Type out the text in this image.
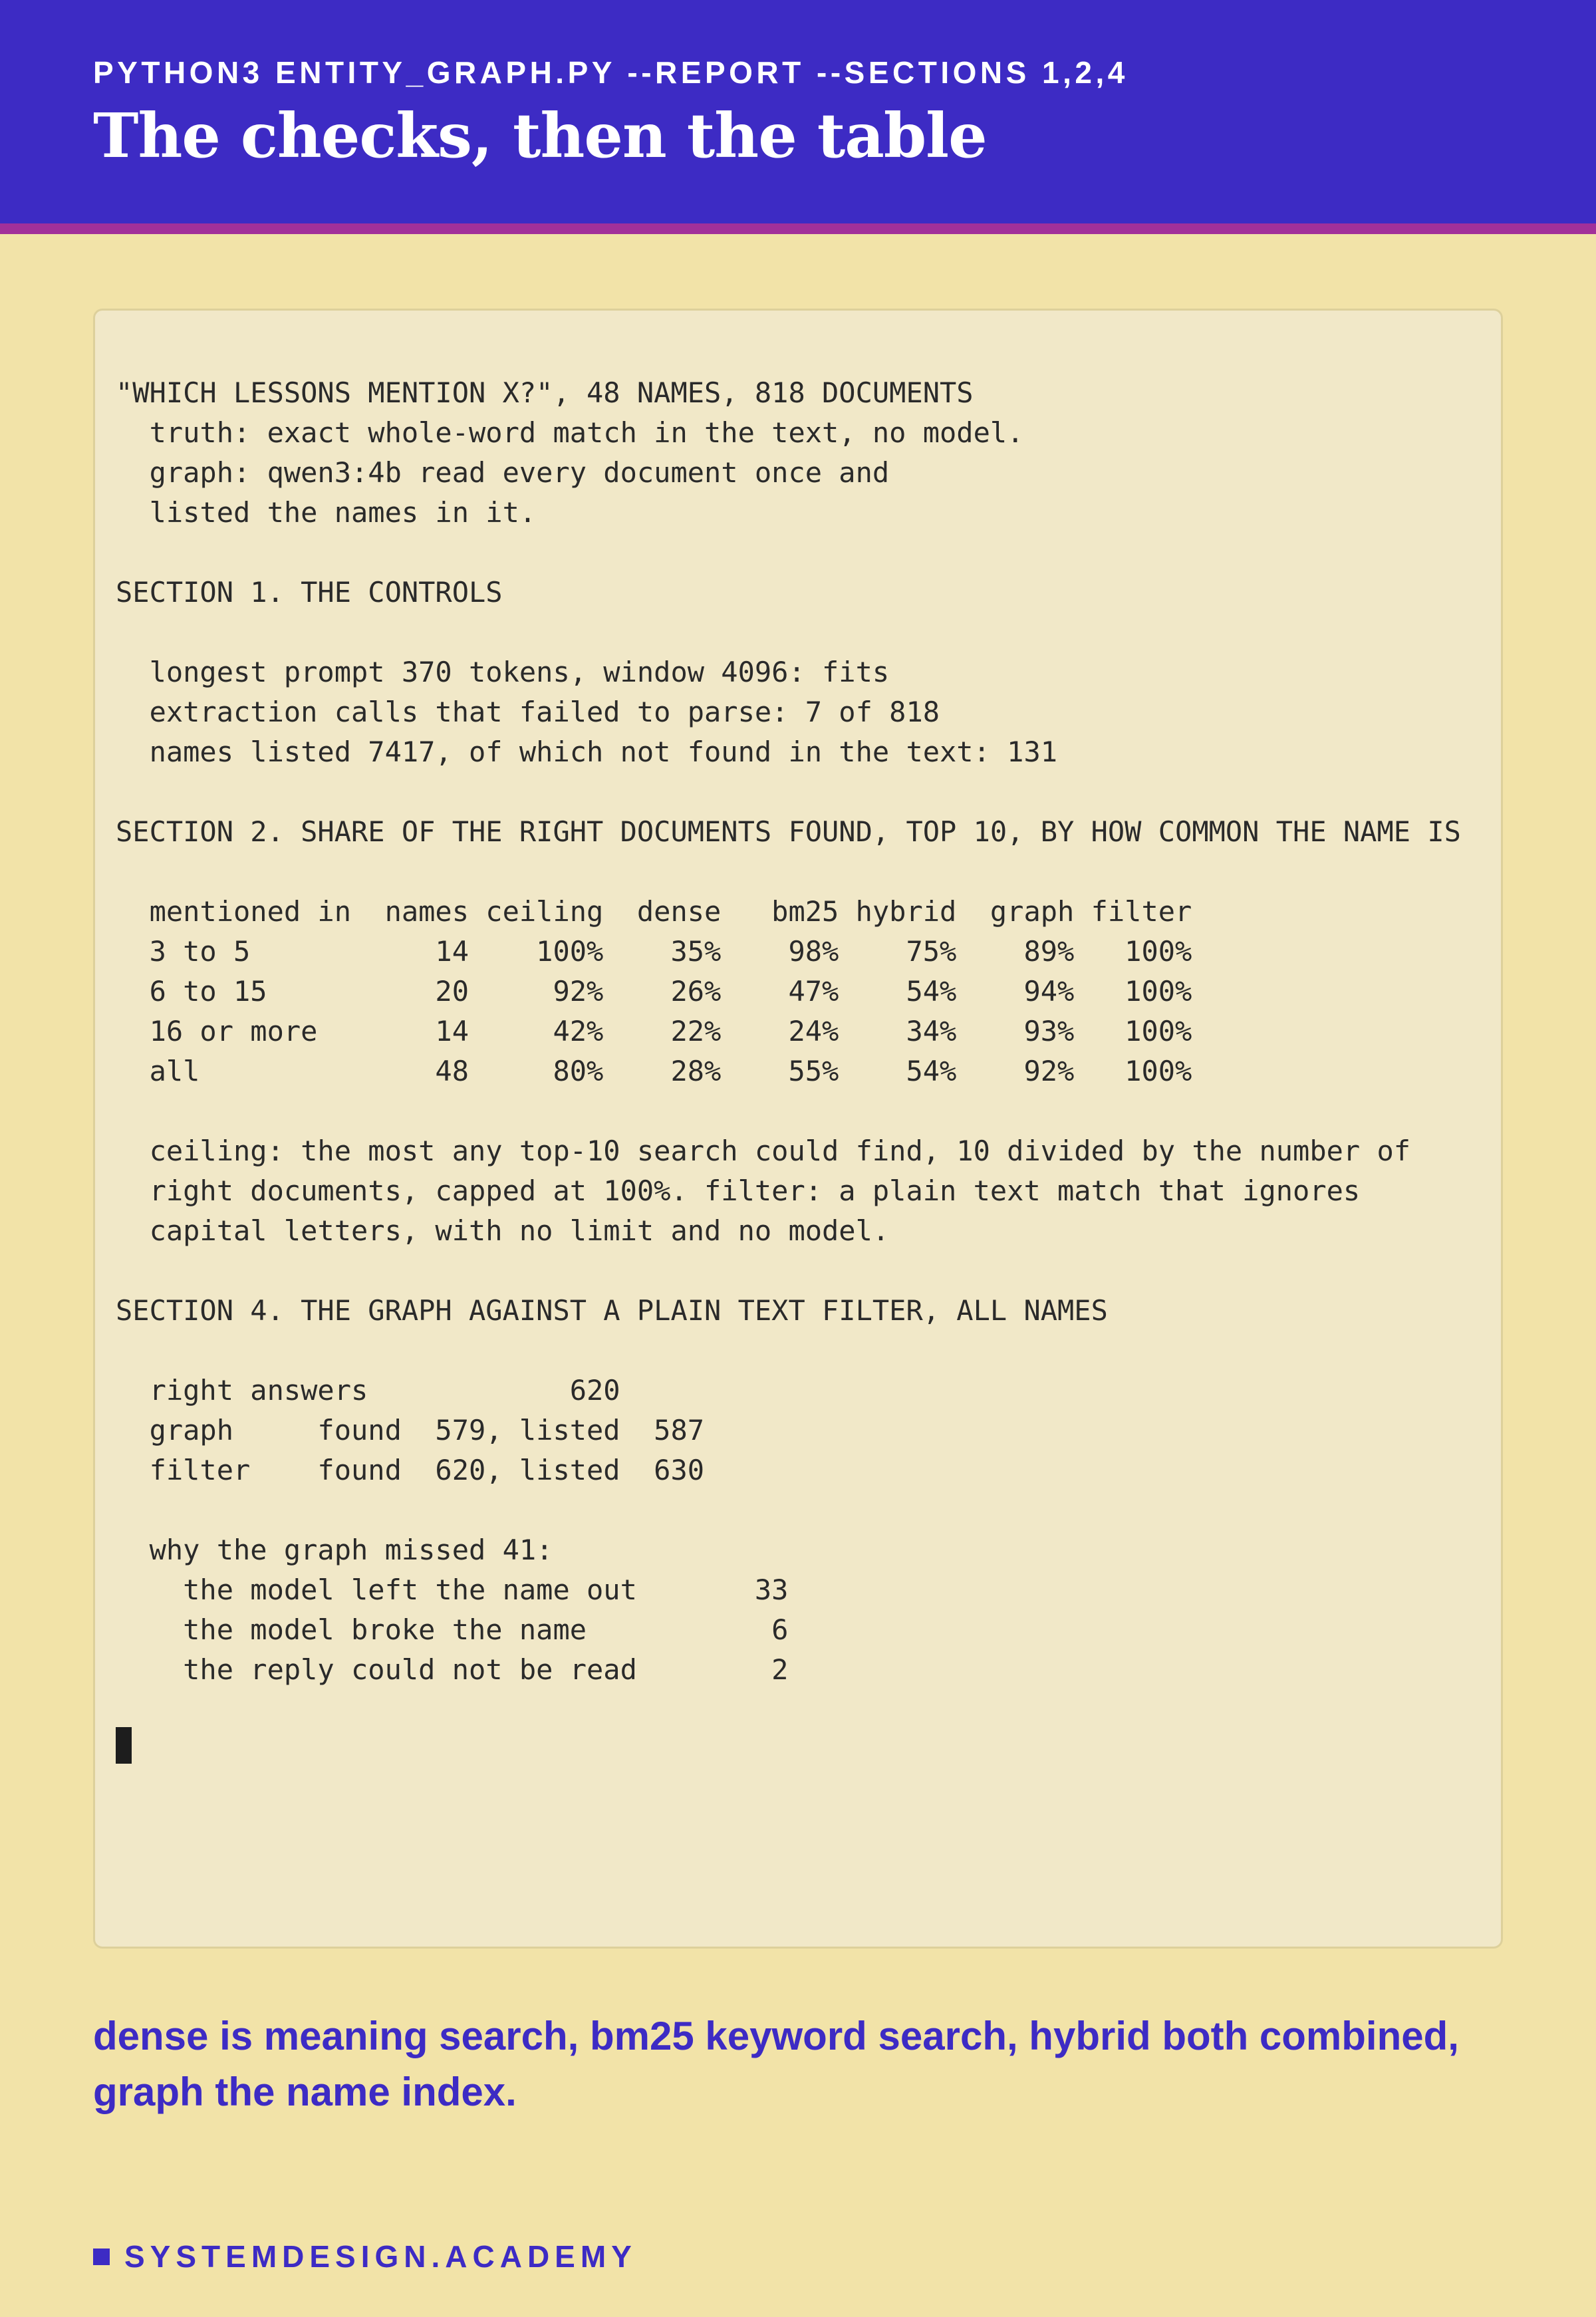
PYTHON3 ENTITY_GRAPH.PY --REPORT --SECTIONS 1,2,4
The checks, then the table
"WHICH LESSONS MENTION X?", 48 NAMES, 818 DOCUMENTS
truth: exact whole-word match in the text, no model.
graph: qwen3:4b read every document once and
listed the names in it.

SECTION 1. THE CONTROLS

longest prompt 370 tokens, window 4096: fits
extraction calls that failed to parse: 7 of 818
names listed 7417, of which not found in the text: 131

SECTION 2. SHARE OF THE RIGHT DOCUMENTS FOUND, TOP 10, BY HOW COMMON THE NAME IS

mentioned in  names ceiling  dense   bm25 hybrid  graph filter
3 to 5           14    100%    35%    98%    75%    89%   100%
6 to 15          20     92%    26%    47%    54%    94%   100%
16 or more       14     42%    22%    24%    34%    93%   100%
all              48     80%    28%    55%    54%    92%   100%

ceiling: the most any top-10 search could find, 10 divided by the number of
right documents, capped at 100%. filter: a plain text match that ignores
capital letters, with no limit and no model.

SECTION 4. THE GRAPH AGAINST A PLAIN TEXT FILTER, ALL NAMES

right answers            620
graph     found  579, listed  587
filter    found  620, listed  630

why the graph missed 41:
the model left the name out       33
the model broke the name           6
the reply could not be read        2
dense is meaning search, bm25 keyword search, hybrid both combined, graph the name index.
SYSTEMDESIGN.ACADEMY
